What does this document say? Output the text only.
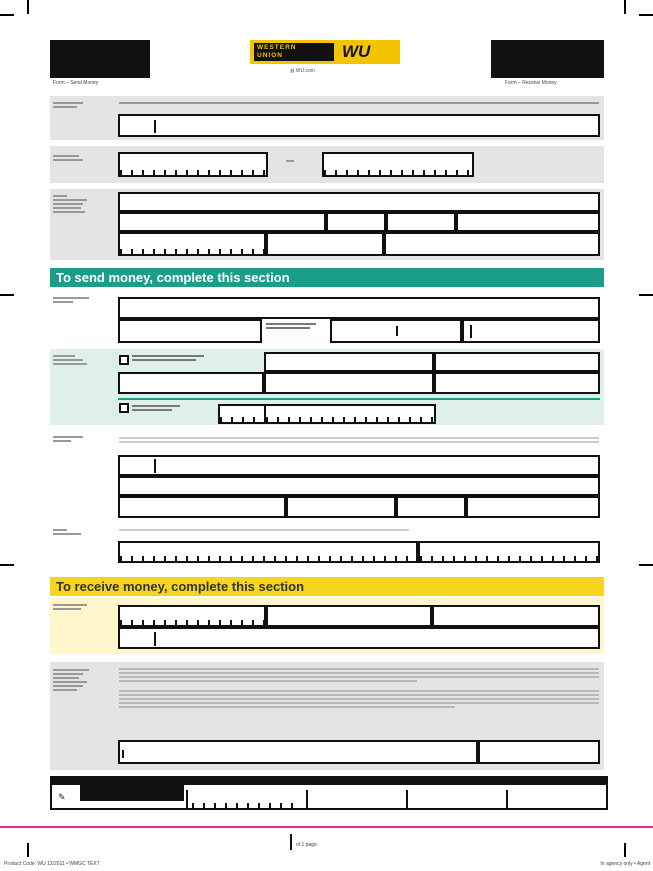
Form – Send Money	Form – Receive Money
WESTERN
UNION	WU
◍ WU.com
To send money, complete this section
To receive money, complete this section
✎
of 1 page
Product Code: WU 12/2011 • WMGC TEXT	In agency only • Agent
